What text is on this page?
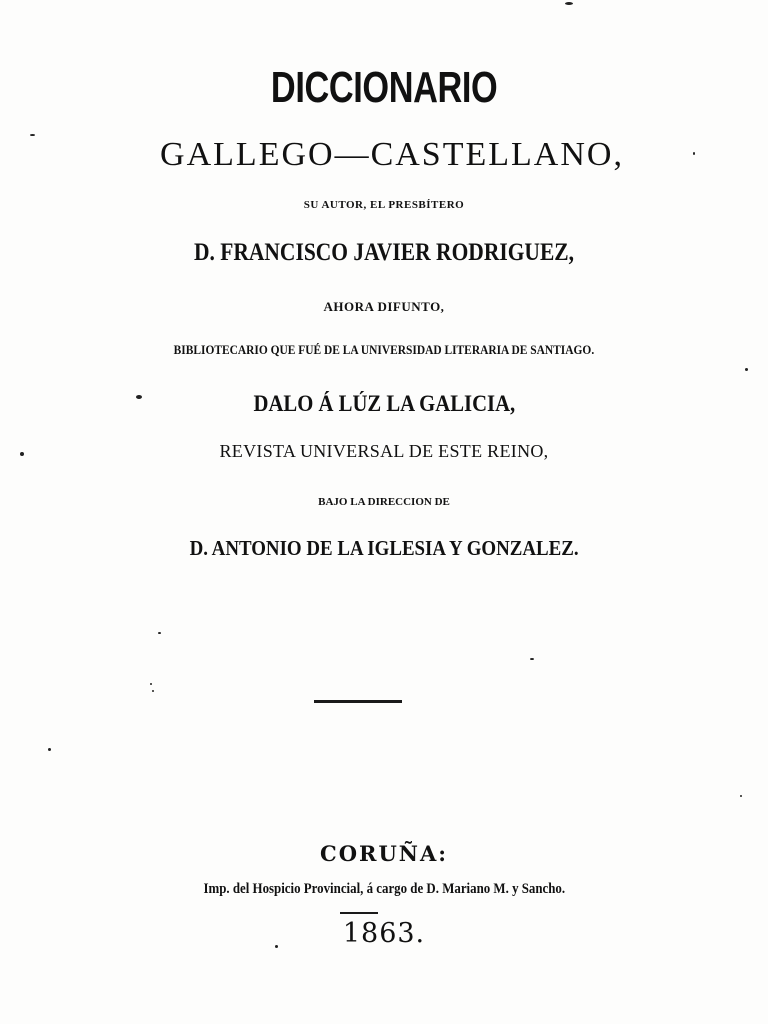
DICCIONARIO
GALLEGO—CASTELLANO,
SU AUTOR, EL PRESBÍTERO
D. FRANCISCO JAVIER RODRIGUEZ,
AHORA DIFUNTO,
BIBLIOTECARIO QUE FUÉ DE LA UNIVERSIDAD LITERARIA DE SANTIAGO.
DALO Á LÚZ LA GALICIA,
REVISTA UNIVERSAL DE ESTE REINO,
BAJO LA DIRECCION DE
D. ANTONIO DE LA IGLESIA Y GONZALEZ.
CORUÑA:
Imp. del Hospicio Provincial, á cargo de D. Mariano M. y Sancho.
1863.
